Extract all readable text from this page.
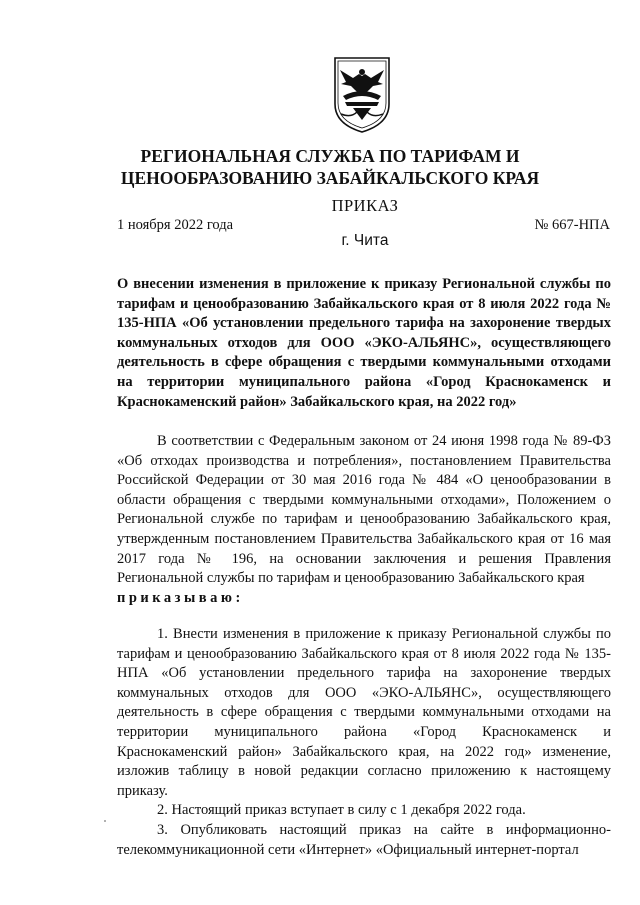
РЕГИОНАЛЬНАЯ СЛУЖБА ПО ТАРИФАМ И
ЦЕНООБРАЗОВАНИЮ ЗАБАЙКАЛЬСКОГО КРАЯ
ПРИКАЗ
1 ноября 2022 года	№ 667-НПА
г. Чита
О внесении изменения в приложение к приказу Региональной службы по тарифам и ценообразованию Забайкальского края от 8 июля 2022 года № 135-НПА «Об установлении предельного тарифа на захоронение твердых коммунальных отходов для ООО «ЭКО-АЛЬЯНС», осуществляющего деятельность в сфере обращения с твердыми коммунальными отходами на территории муниципального района «Город Краснокаменск и Краснокаменский район» Забайкальского края, на 2022 год»

В соответствии с Федеральным законом от 24 июня 1998 года № 89-ФЗ «Об отходах производства и потребления», постановлением Правительства Российской Федерации от 30 мая 2016 года № 484 «О ценообразовании в области обращения с твердыми коммунальными отходами», Положением о Региональной службе по тарифам и ценообразованию Забайкальского края, утвержденным постановлением Правительства Забайкальского края от 16 мая 2017 года № 196, на основании заключения и решения Правления Региональной службы по тарифам и ценообразованию Забайкальского края

приказываю:

1. Внести изменения в приложение к приказу Региональной службы по тарифам и ценообразованию Забайкальского края от 8 июля 2022 года № 135-НПА «Об установлении предельного тарифа на захоронение твердых коммунальных отходов для ООО «ЭКО-АЛЬЯНС», осуществляющего деятельность в сфере обращения с твердыми коммунальными отходами на территории муниципального района «Город Краснокаменск и Краснокаменский район» Забайкальского края, на 2022 год» изменение, изложив таблицу в новой редакции согласно приложению к настоящему приказу.

2. Настоящий приказ вступает в силу с 1 декабря 2022 года.

3. Опубликовать настоящий приказ на сайте в информационно-телекоммуникационной сети «Интернет» «Официальный интернет-портал
